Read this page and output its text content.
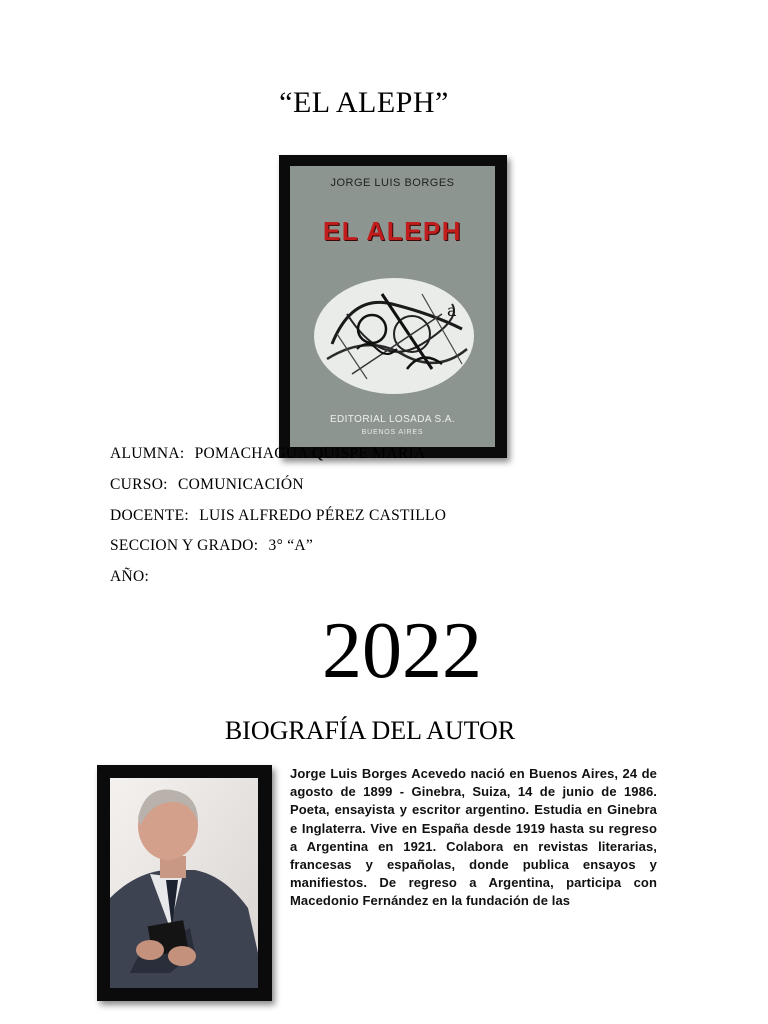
“EL ALEPH”
JORGE LUIS BORGES
EL ALEPH
a
EDITORIAL LOSADA S.A.
BUENOS AIRES
ALUMNA: POMACHAGUA QUISPE MARIA
CURSO: COMUNICACIÓN
DOCENTE: LUIS ALFREDO PÉREZ CASTILLO
SECCION Y GRADO: 3° “A”
AÑO:
2022
BIOGRAFÍA DEL AUTOR
Jorge Luis Borges Acevedo nació en Buenos Aires, 24 de agosto de 1899 - Ginebra, Suiza, 14 de junio de 1986. Poeta, ensayista y escritor argentino. Estudia en Ginebra e Inglaterra. Vive en España desde 1919 hasta su regreso a Argentina en 1921. Colabora en revistas literarias, francesas y españolas, donde publica ensayos y manifiestos. De regreso a Argentina, participa con Macedonio Fernández en la fundación de las
